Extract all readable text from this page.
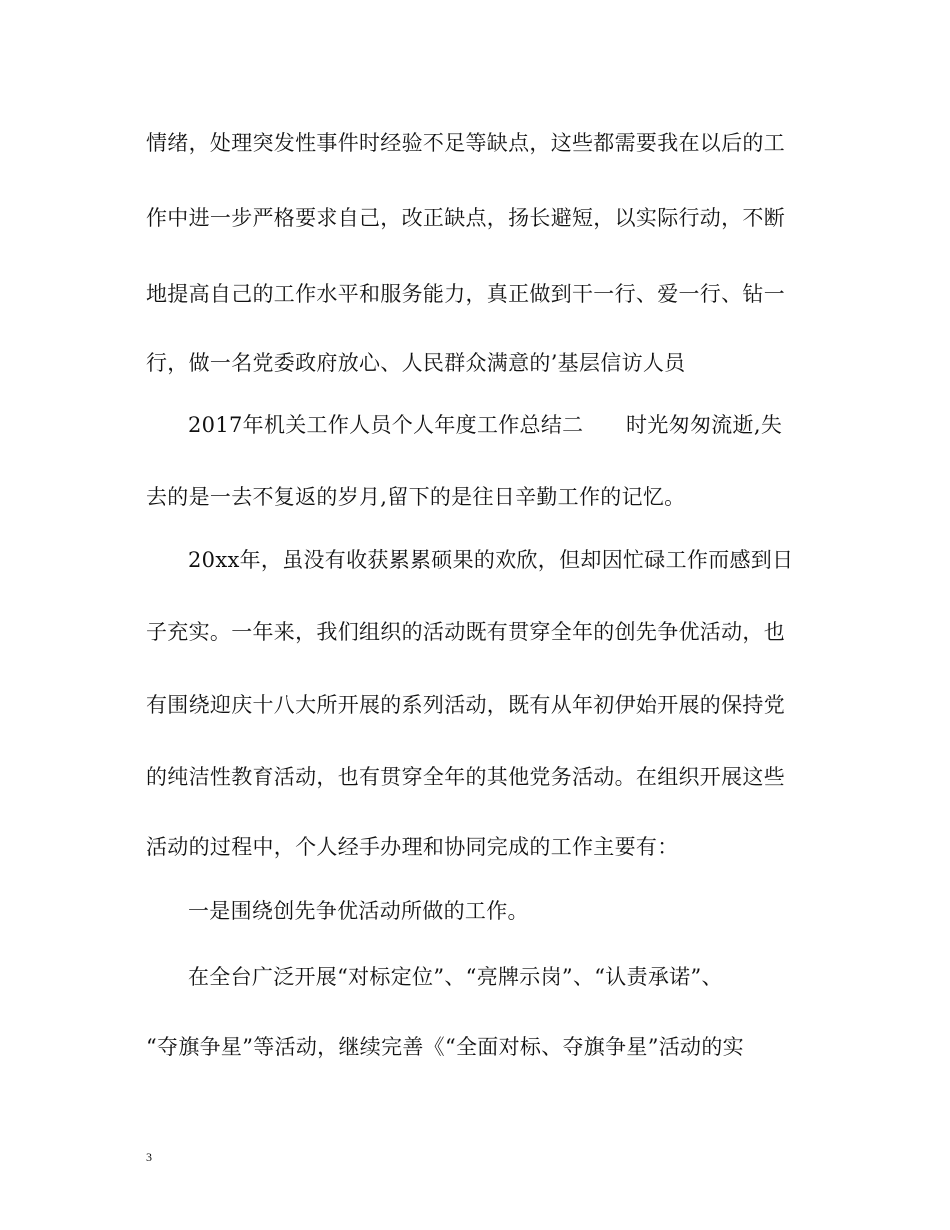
情绪，处理突发性事件时经验不足等缺点，这些都需要我在以后的工
作中进一步严格要求自己，改正缺点，扬长避短，以实际行动，不断
地提高自己的工作水平和服务能力，真正做到干一行、爱一行、钻一
行，做一名党委政府放心、人民群众满意的’基层信访人员
2017年机关工作人员个人年度工作总结二　　时光匆匆流逝,失
去的是一去不复返的岁月,留下的是往日辛勤工作的记忆。
20xx年，虽没有收获累累硕果的欢欣，但却因忙碌工作而感到日
子充实。一年来，我们组织的活动既有贯穿全年的创先争优活动，也
有围绕迎庆十八大所开展的系列活动，既有从年初伊始开展的保持党
的纯洁性教育活动，也有贯穿全年的其他党务活动。在组织开展这些
活动的过程中，个人经手办理和协同完成的工作主要有：
一是围绕创先争优活动所做的工作。
在全台广泛开展“对标定位”、“亮牌示岗”、“认责承诺”、
“夺旗争星”等活动，继续完善《“全面对标、夺旗争星”活动的实
3
